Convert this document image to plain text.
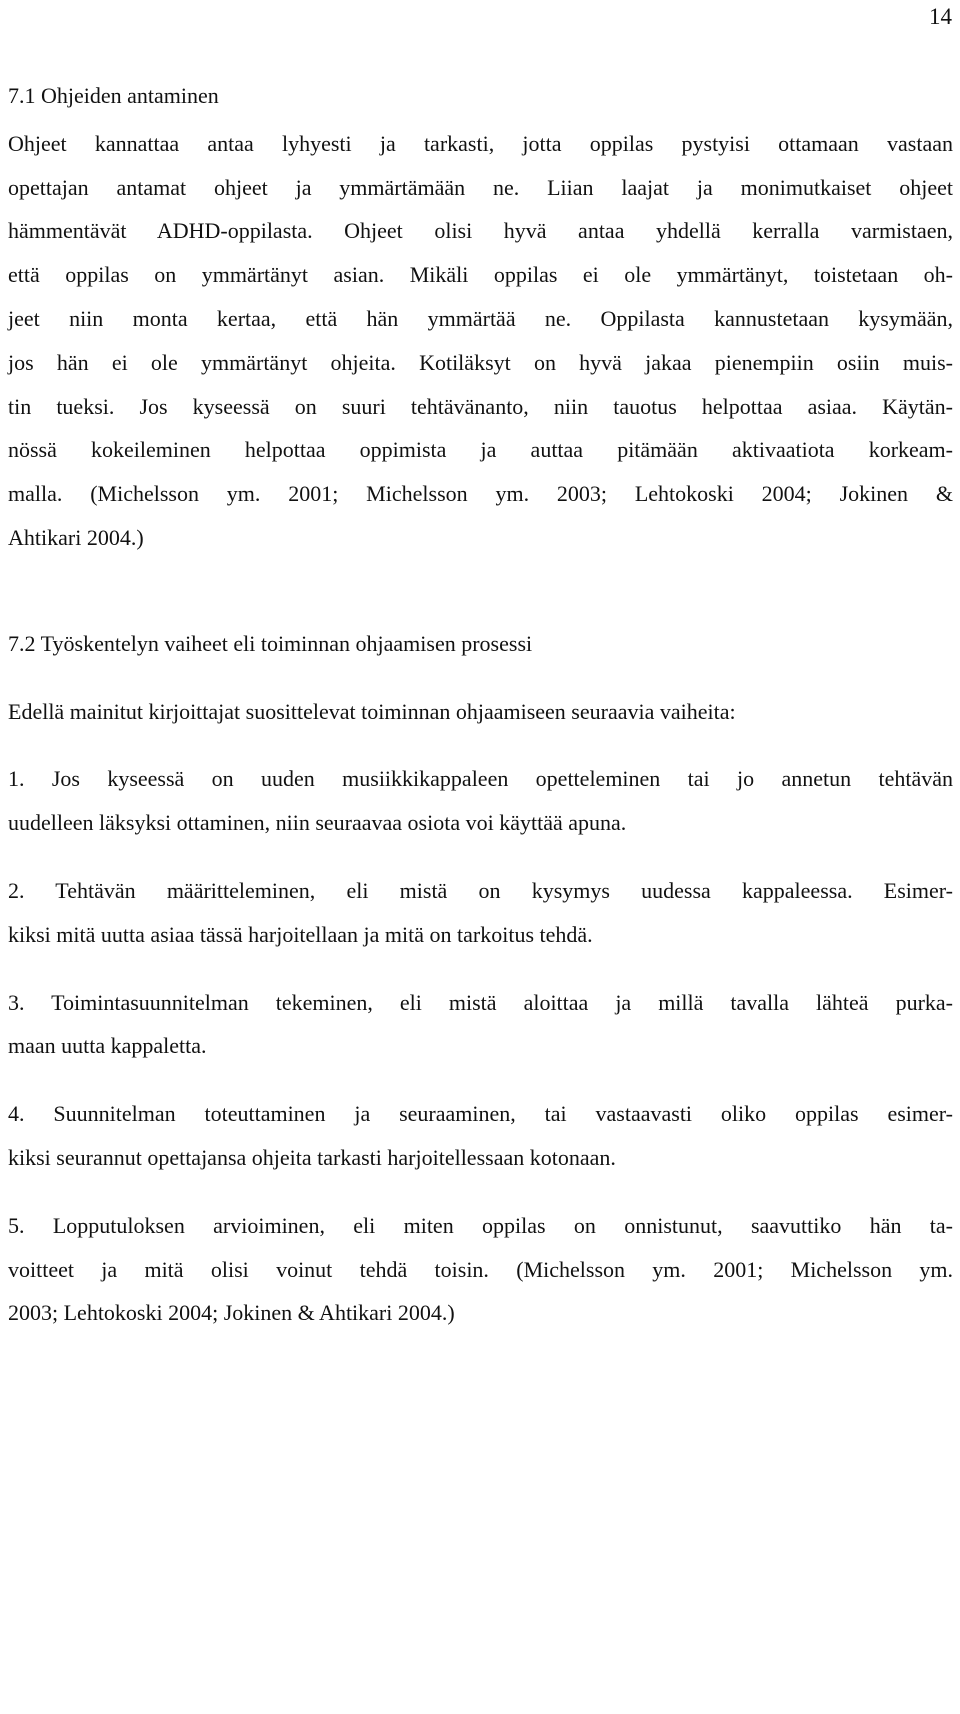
14
7.1 Ohjeiden antaminen
Ohjeet kannattaa antaa lyhyesti ja tarkasti, jotta oppilas pystyisi ottamaan vastaan
opettajan antamat ohjeet ja ymmärtämään ne. Liian laajat ja monimutkaiset ohjeet
hämmentävät ADHD-oppilasta. Ohjeet olisi hyvä antaa yhdellä kerralla varmistaen,
että oppilas on ymmärtänyt asian. Mikäli oppilas ei ole ymmärtänyt, toistetaan oh-
jeet niin monta kertaa, että hän ymmärtää ne. Oppilasta kannustetaan kysymään,
jos hän ei ole ymmärtänyt ohjeita. Kotiläksyt on hyvä jakaa pienempiin osiin muis-
tin tueksi. Jos kyseessä on suuri tehtävänanto, niin tauotus helpottaa asiaa. Käytän-
nössä kokeileminen helpottaa oppimista ja auttaa pitämään aktivaatiota korkeam-
malla. (Michelsson ym. 2001; Michelsson ym. 2003; Lehtokoski 2004; Jokinen &
Ahtikari 2004.)
7.2 Työskentelyn vaiheet eli toiminnan ohjaamisen prosessi
Edellä mainitut kirjoittajat suosittelevat toiminnan ohjaamiseen seuraavia vaiheita:
1. Jos kyseessä on uuden musiikkikappaleen opetteleminen tai jo annetun tehtävän
uudelleen läksyksi ottaminen, niin seuraavaa osiota voi käyttää apuna.
2. Tehtävän määritteleminen, eli mistä on kysymys uudessa kappaleessa. Esimer-
kiksi mitä uutta asiaa tässä harjoitellaan ja mitä on tarkoitus tehdä.
3. Toimintasuunnitelman tekeminen, eli mistä aloittaa ja millä tavalla lähteä purka-
maan uutta kappaletta.
4. Suunnitelman toteuttaminen ja seuraaminen, tai vastaavasti oliko oppilas esimer-
kiksi seurannut opettajansa ohjeita tarkasti harjoitellessaan kotonaan.
5. Lopputuloksen arvioiminen, eli miten oppilas on onnistunut, saavuttiko hän ta-
voitteet ja mitä olisi voinut tehdä toisin. (Michelsson ym. 2001; Michelsson ym.
2003; Lehtokoski 2004; Jokinen & Ahtikari 2004.)
